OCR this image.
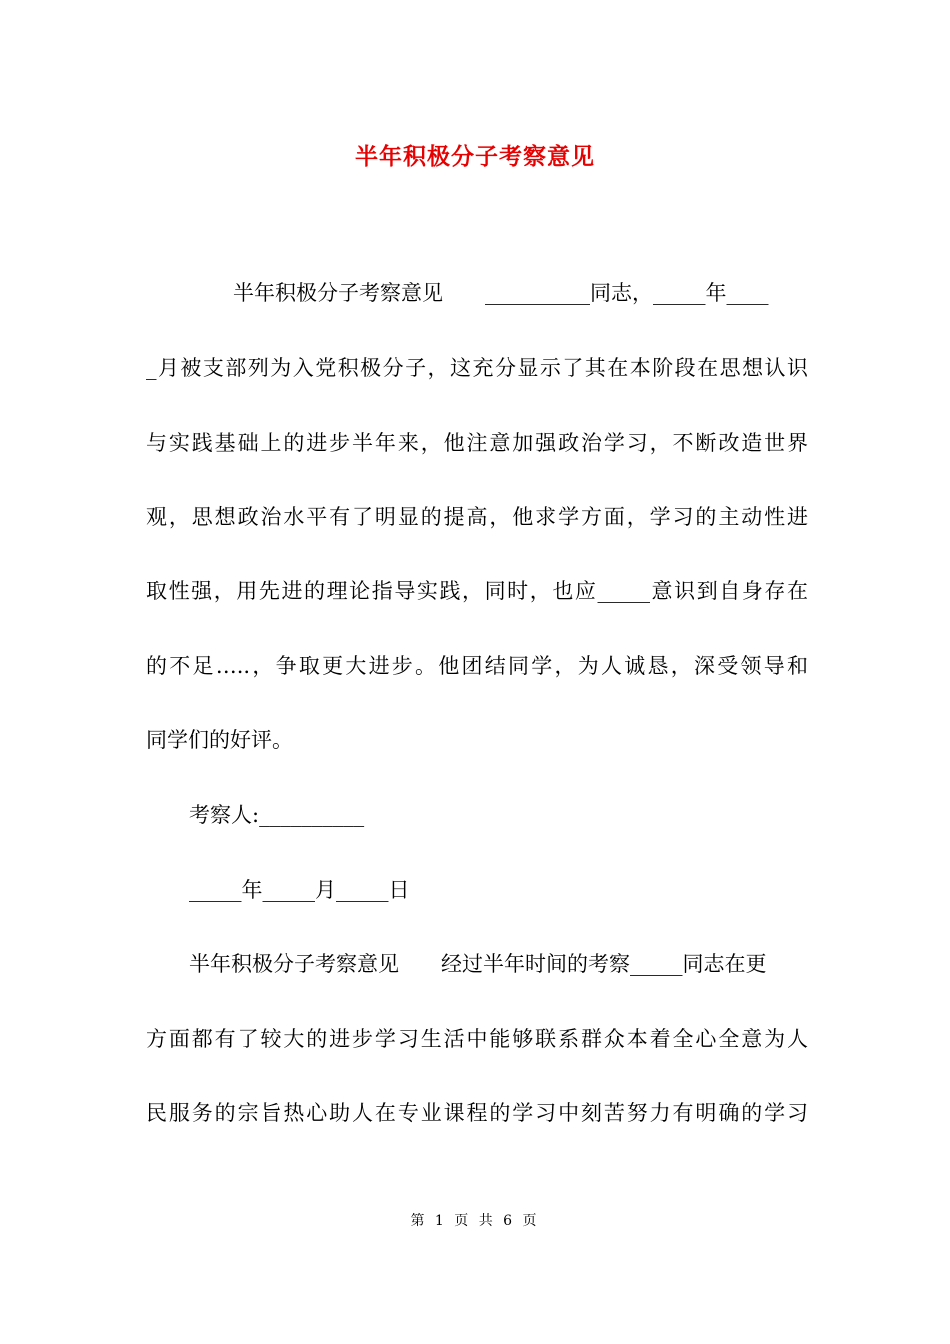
半年积极分子考察意见
半年积极分子考察意见　　__________同志，_____年____
_月被支部列为入党积极分子，这充分显示了其在本阶段在思想认识
与实践基础上的进步半年来，他注意加强政治学习，不断改造世界
观，思想政治水平有了明显的提高，他求学方面，学习的主动性进
取性强，用先进的理论指导实践，同时，也应_____意识到自身存在
的不足…..，争取更大进步。他团结同学，为人诚恳，深受领导和
同学们的好评。
考察人:__________
_____年_____月_____日
半年积极分子考察意见　　经过半年时间的考察_____同志在更
方面都有了较大的进步学习生活中能够联系群众本着全心全意为人
民服务的宗旨热心助人在专业课程的学习中刻苦努力有明确的学习
第 1 页 共 6 页
